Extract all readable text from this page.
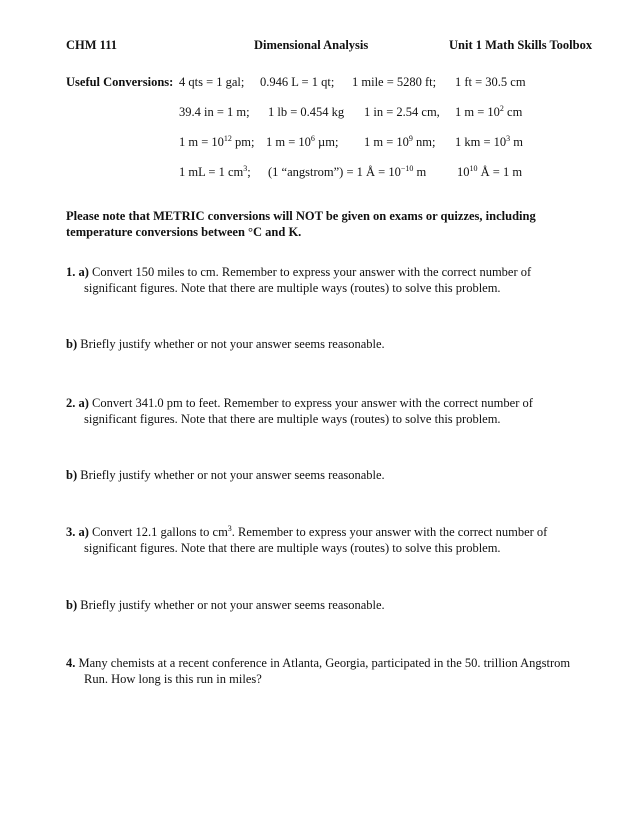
CHM 111	Dimensional Analysis	Unit 1 Math Skills Toolbox
Useful Conversions: 4 qts = 1 gal; 0.946 L = 1 qt; 1 mile = 5280 ft; 1 ft = 30.5 cm
39.4 in = 1 m; 1 lb = 0.454 kg 1 in = 2.54 cm, 1 $m = 10^2$ cm
1 $m = 10^{12}$ pm; 1 $m = 10^6$ µm; 1 $m = 10^9$ nm; 1 km = $10^3$ m
1 mL = 1 $cm^3$; (1 “angstrom”) = 1 Å = $10^{-10}$ m $10^{10}$ Å = 1 m
Please note that METRIC conversions will NOT be given on exams or quizzes, including
temperature conversions between °C and K.
1. a) Convert 150 miles to cm. Remember to express your answer with the correct number of
significant figures. Note that there are multiple ways (routes) to solve this problem.
b) Briefly justify whether or not your answer seems reasonable.
2. a) Convert 341.0 pm to feet. Remember to express your answer with the correct number of
significant figures. Note that there are multiple ways (routes) to solve this problem.
b) Briefly justify whether or not your answer seems reasonable.
3. a) Convert 12.1 gallons to $cm^3$. Remember to express your answer with the correct number of
significant figures. Note that there are multiple ways (routes) to solve this problem.
b) Briefly justify whether or not your answer seems reasonable.
4. Many chemists at a recent conference in Atlanta, Georgia, participated in the 50. trillion Angstrom
Run. How long is this run in miles?
